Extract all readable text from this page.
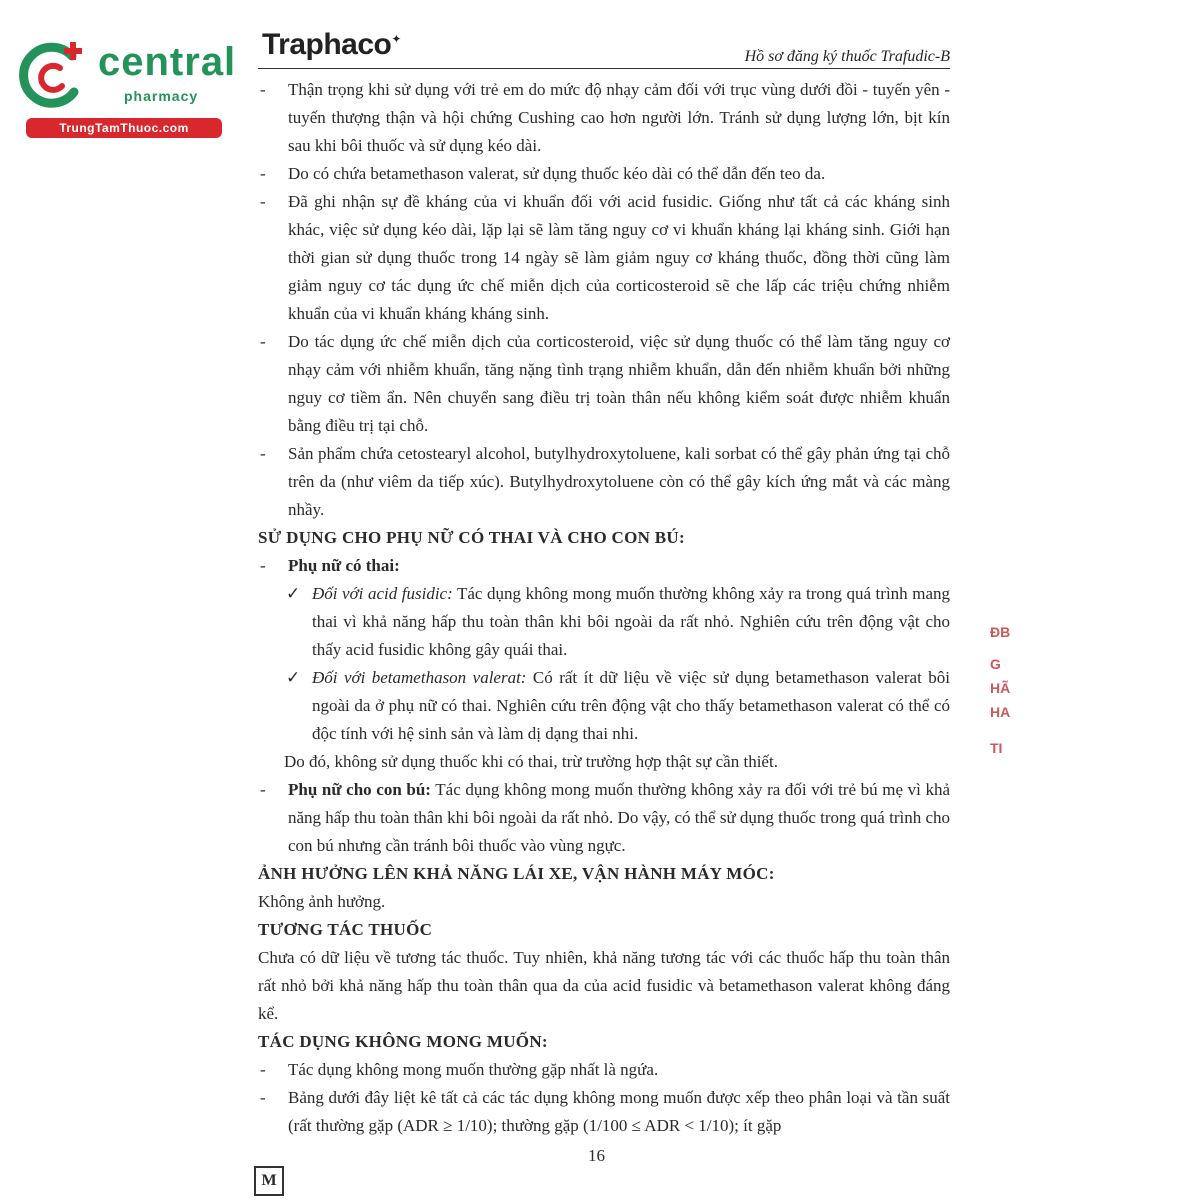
central
pharmacy
TrungTamThuoc.com
Traphaco✦
Hồ sơ đăng ký thuốc Trafudic-B
- Thận trọng khi sử dụng với trẻ em do mức độ nhạy cảm đối với trục vùng dưới đồi - tuyến yên - tuyến thượng thận và hội chứng Cushing cao hơn người lớn. Tránh sử dụng lượng lớn, bịt kín sau khi bôi thuốc và sử dụng kéo dài.
- Do có chứa betamethason valerat, sử dụng thuốc kéo dài có thể dẫn đến teo da.
- Đã ghi nhận sự đề kháng của vi khuẩn đối với acid fusidic. Giống như tất cả các kháng sinh khác, việc sử dụng kéo dài, lặp lại sẽ làm tăng nguy cơ vi khuẩn kháng lại kháng sinh. Giới hạn thời gian sử dụng thuốc trong 14 ngày sẽ làm giảm nguy cơ kháng thuốc, đồng thời cũng làm giảm nguy cơ tác dụng ức chế miễn dịch của corticosteroid sẽ che lấp các triệu chứng nhiễm khuẩn của vi khuẩn kháng kháng sinh.
- Do tác dụng ức chế miễn dịch của corticosteroid, việc sử dụng thuốc có thể làm tăng nguy cơ nhạy cảm với nhiễm khuẩn, tăng nặng tình trạng nhiễm khuẩn, dẫn đến nhiễm khuẩn bởi những nguy cơ tiềm ẩn. Nên chuyển sang điều trị toàn thân nếu không kiểm soát được nhiễm khuẩn bằng điều trị tại chỗ.
- Sản phẩm chứa cetostearyl alcohol, butylhydroxytoluene, kali sorbat có thể gây phản ứng tại chỗ trên da (như viêm da tiếp xúc). Butylhydroxytoluene còn có thể gây kích ứng mắt và các màng nhầy.
SỬ DỤNG CHO PHỤ NỮ CÓ THAI VÀ CHO CON BÚ:
- Phụ nữ có thai:
✓ Đối với acid fusidic: Tác dụng không mong muốn thường không xảy ra trong quá trình mang thai vì khả năng hấp thu toàn thân khi bôi ngoài da rất nhỏ. Nghiên cứu trên động vật cho thấy acid fusidic không gây quái thai.
✓ Đối với betamethason valerat: Có rất ít dữ liệu về việc sử dụng betamethason valerat bôi ngoài da ở phụ nữ có thai. Nghiên cứu trên động vật cho thấy betamethason valerat có thể có độc tính với hệ sinh sản và làm dị dạng thai nhi.
Do đó, không sử dụng thuốc khi có thai, trừ trường hợp thật sự cần thiết.
- Phụ nữ cho con bú: Tác dụng không mong muốn thường không xảy ra đối với trẻ bú mẹ vì khả năng hấp thu toàn thân khi bôi ngoài da rất nhỏ. Do vậy, có thể sử dụng thuốc trong quá trình cho con bú nhưng cần tránh bôi thuốc vào vùng ngực.
ẢNH HƯỞNG LÊN KHẢ NĂNG LÁI XE, VẬN HÀNH MÁY MÓC:
Không ảnh hưởng.
TƯƠNG TÁC THUỐC
Chưa có dữ liệu về tương tác thuốc. Tuy nhiên, khả năng tương tác với các thuốc hấp thu toàn thân rất nhỏ bởi khả năng hấp thu toàn thân qua da của acid fusidic và betamethason valerat không đáng kể.
TÁC DỤNG KHÔNG MONG MUỐN:
- Tác dụng không mong muốn thường gặp nhất là ngứa.
- Bảng dưới đây liệt kê tất cả các tác dụng không mong muốn được xếp theo phân loại và tần suất (rất thường gặp (ADR ≥ 1/10); thường gặp (1/100 ≤ ADR < 1/10); ít gặp
16
M
ĐB
G
HÃ
HA
TI
